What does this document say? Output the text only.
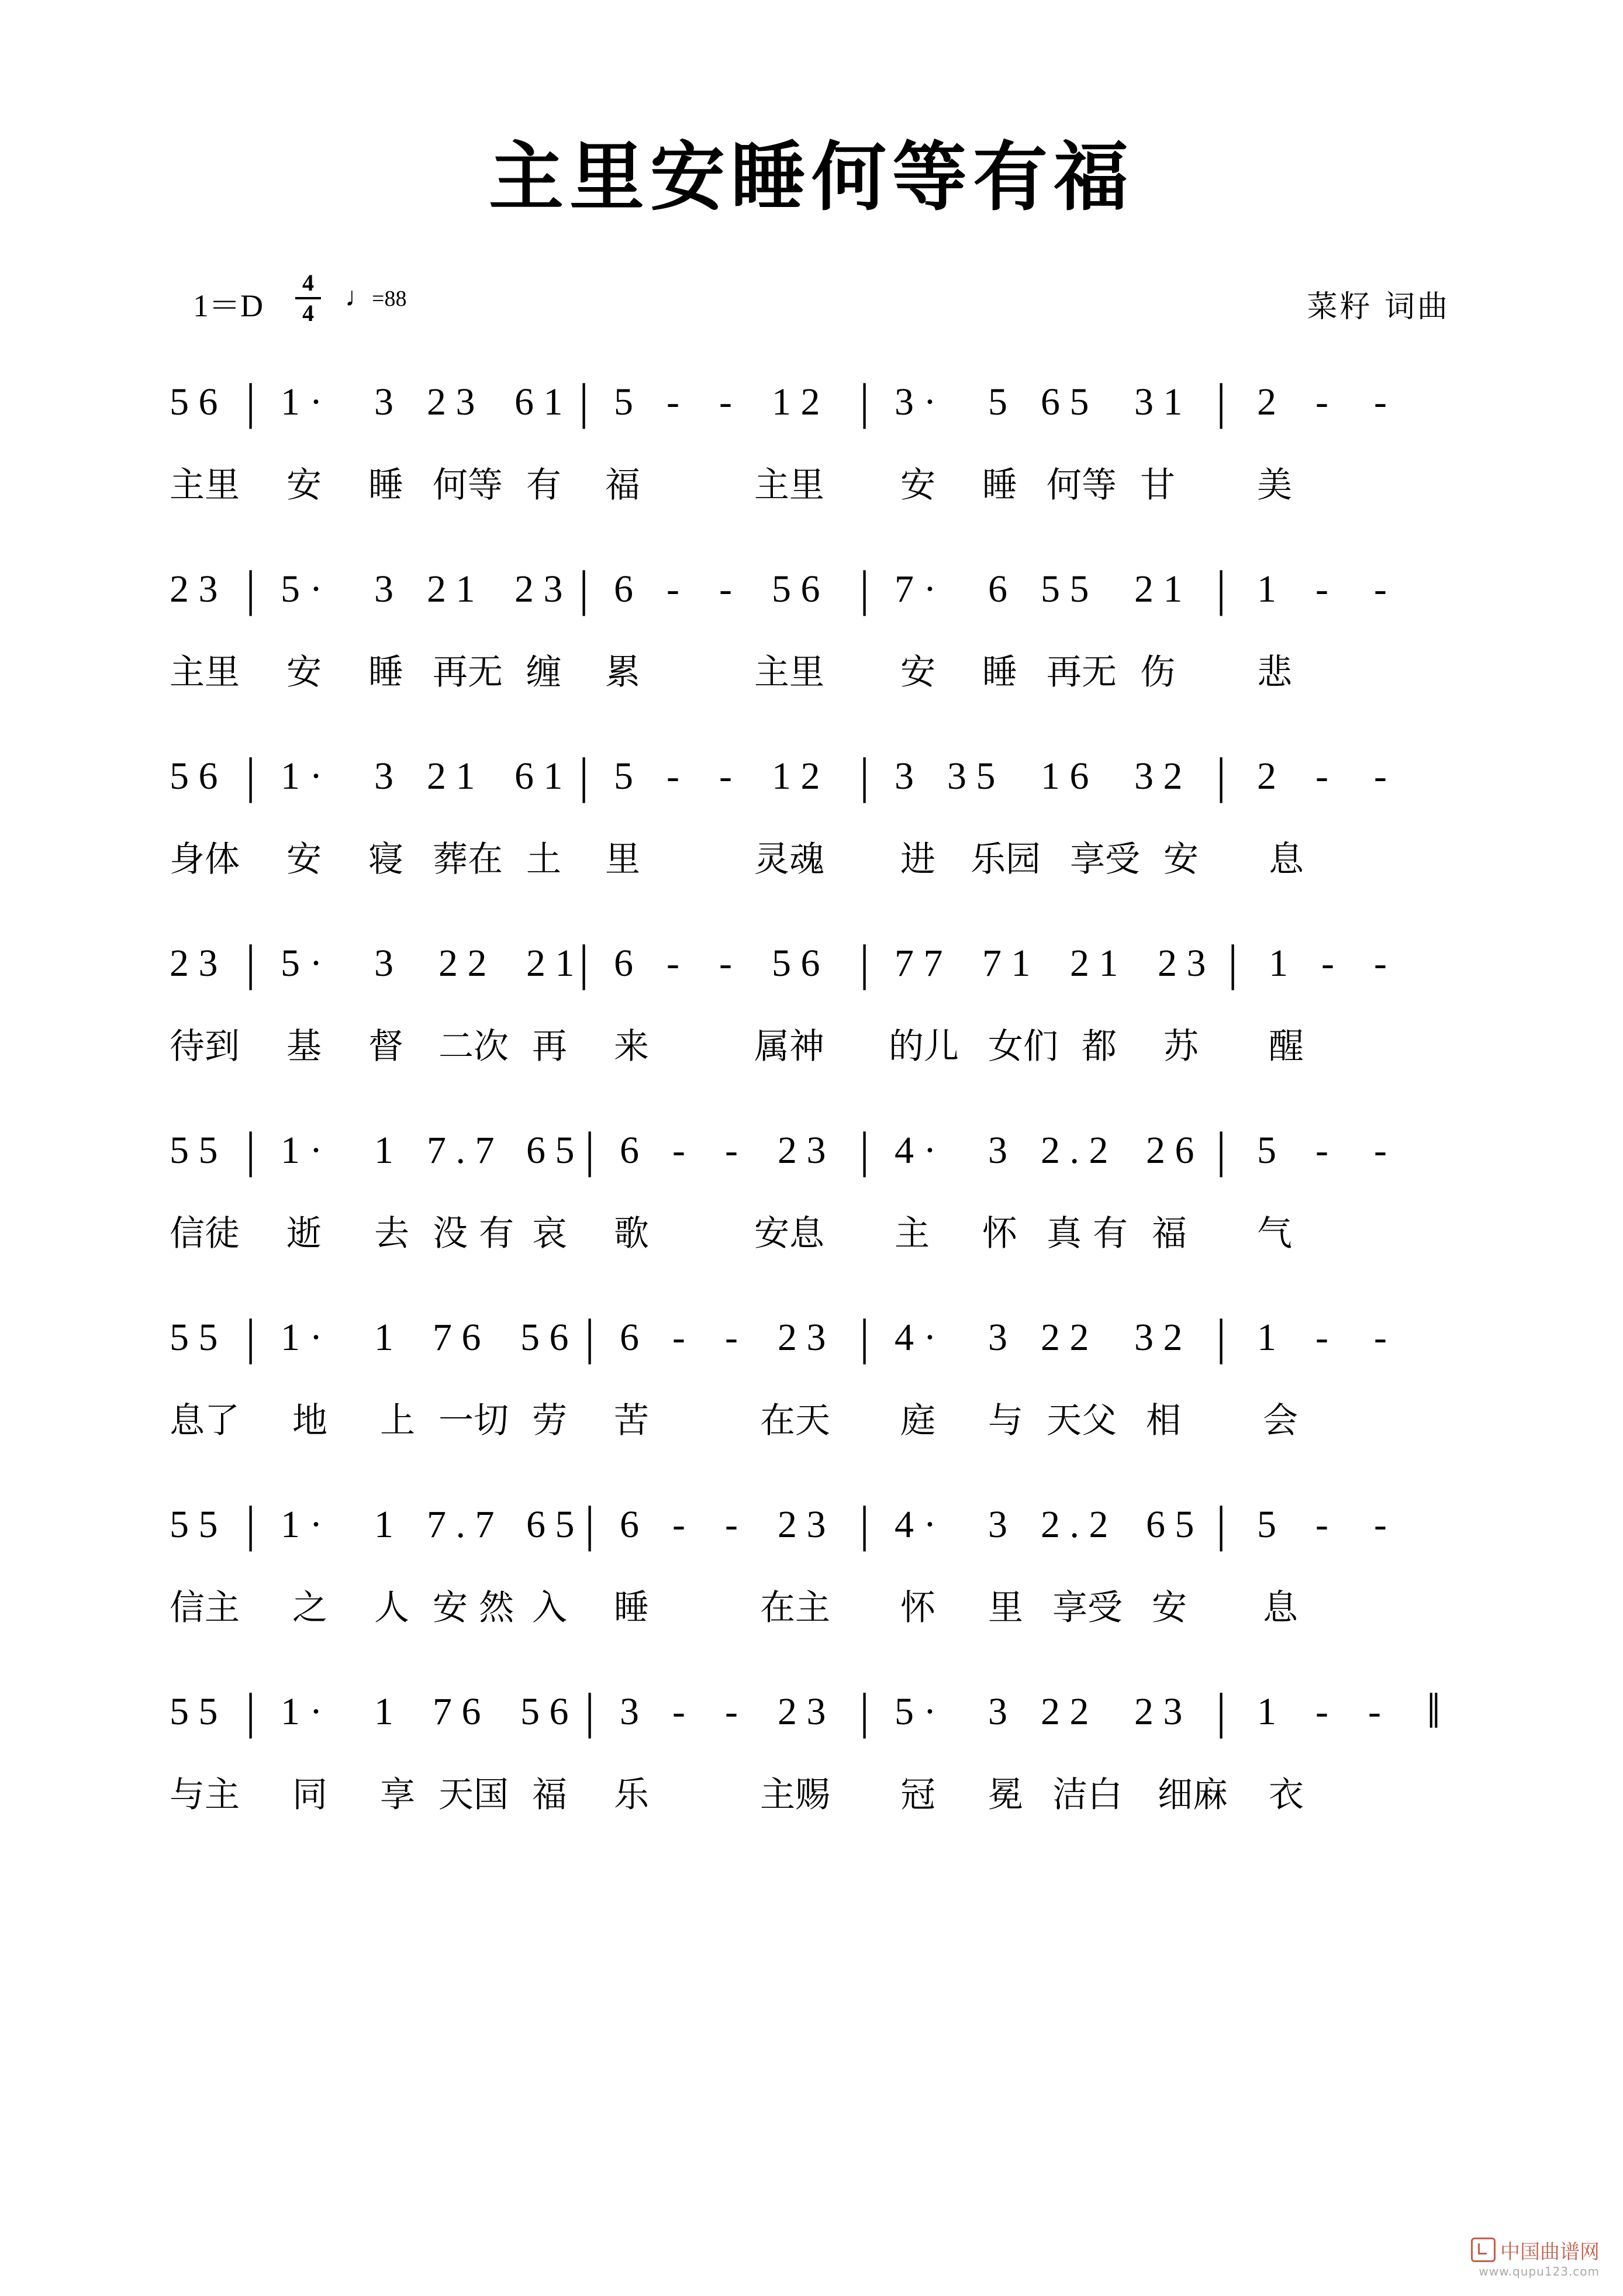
主里安睡何等有福
1＝D
4
4
♩=88	菜籽 词曲
5 6 | 1 · 3 2 3 6 1 | 5 - - 1 2 | 3 · 5 6 5 3 1 | 2 - -
主里 安 睡 何等 有 福	主里 安 睡 何等 甘 美
2 3 | 5 · 3 2 1 2 3 | 6 - - 5 6 | 7 · 6 5 5 2 1 | 1 - -
主里 安 睡 再无 缠 累	主里 安 睡 再无 伤 悲
5 6 | 1 · 3 2 1 6 1 | 5 - - 1 2 | 3 3 5 1 6 3 2 | 2 - -
身体 安 寝 葬在 土 里	灵魂 进 乐园 享受 安 息
2 3 | 5 · 3 2 2 2 1 | 6 - - 5 6 | 7 7 7 1 2 1 2 3 | 1 - -
待到 基 督 二次 再 来	属神 的儿 女们 都 苏 醒
5 5 | 1 · 1 7 . 7 6 5 | 6 - - 2 3 | 4 · 3 2 . 2 2 6 | 5 - -
信徒 逝 去 没 有 哀 歌	安息 主 怀 真 有 福 气
5 5 | 1 · 1 7 6 5 6 | 6 - - 2 3 | 4 · 3 2 2 3 2 | 1 - -
息了 地 上 一切 劳 苦	在天 庭 与 天父 相 会
5 5 | 1 · 1 7 . 7 6 5 | 6 - - 2 3 | 4 · 3 2 . 2 6 5 | 5 - -
信主 之 人 安 然 入 睡	在主 怀 里 享受 安 息
5 5 | 1 · 1 7 6 5 6 | 3 - - 2 3 | 5 · 3 2 2 2 3 | 1 - - ‖
与主 同 享 天国 福 乐	主赐 冠 冕 洁白 细麻 衣
中国曲谱网
www.qupu123.com
